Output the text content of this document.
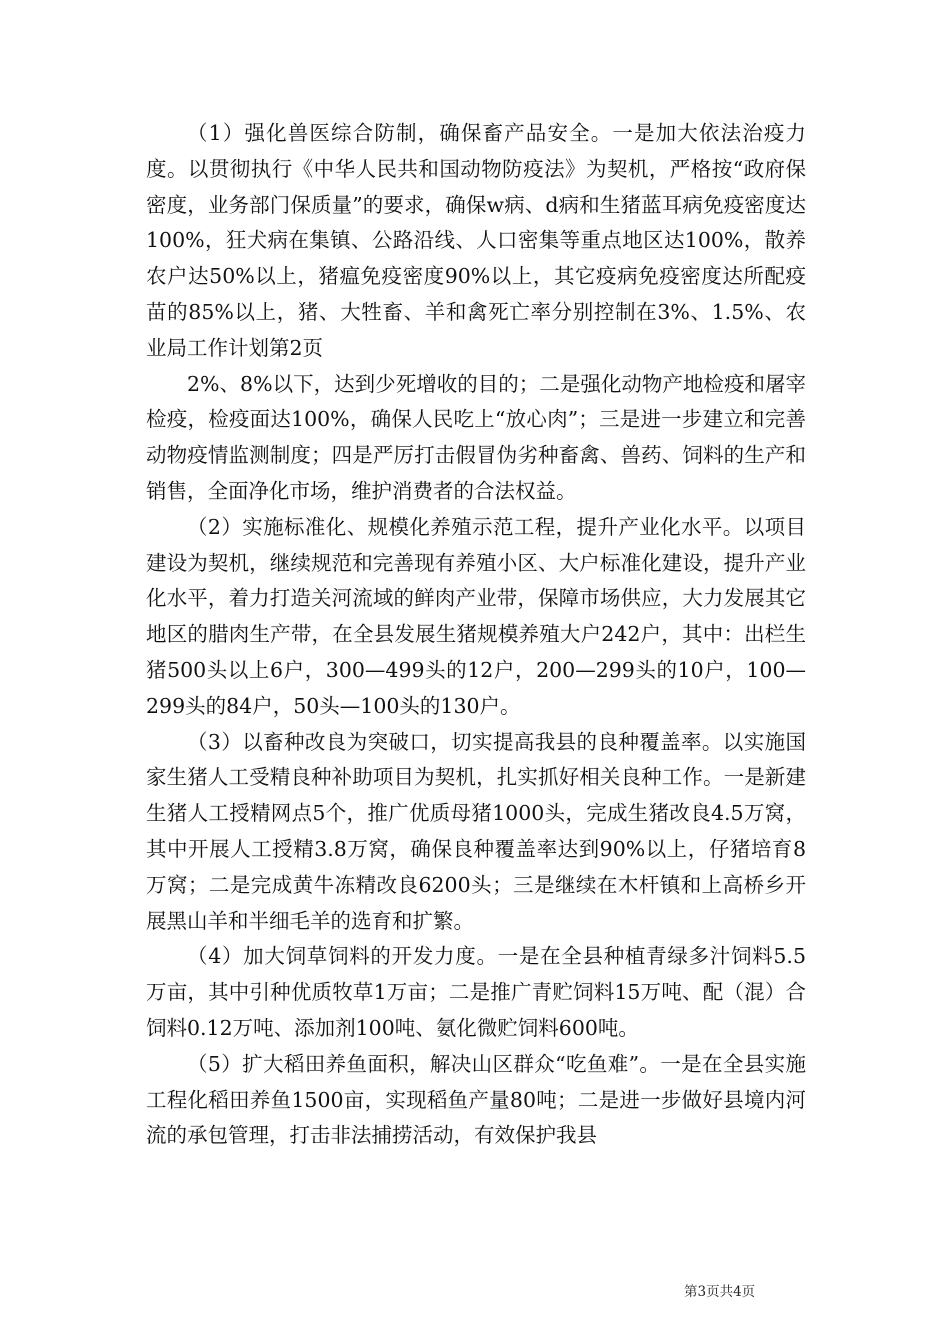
（1）强化兽医综合防制，确保畜产品安全。一是加大依法治疫力度。以贯彻执行《中华人民共和国动物防疫法》为契机，严格按“政府保密度，业务部门保质量”的要求，确保w病、d病和生猪蓝耳病免疫密度达100%，狂犬病在集镇、公路沿线、人口密集等重点地区达100%，散养农户达50%以上，猪瘟免疫密度90%以上，其它疫病免疫密度达所配疫苗的85%以上，猪、大牲畜、羊和禽死亡率分别控制在3%、1.5%、农业局工作计划第2页

2%、8%以下，达到少死增收的目的；二是强化动物产地检疫和屠宰检疫，检疫面达100%，确保人民吃上“放心肉”；三是进一步建立和完善动物疫情监测制度；四是严厉打击假冒伪劣种畜禽、兽药、饲料的生产和销售，全面净化市场，维护消费者的合法权益。

（2）实施标准化、规模化养殖示范工程，提升产业化水平。以项目建设为契机，继续规范和完善现有养殖小区、大户标准化建设，提升产业化水平，着力打造关河流域的鲜肉产业带，保障市场供应，大力发展其它地区的腊肉生产带，在全县发展生猪规模养殖大户242户，其中：出栏生猪500头以上6户，300—499头的12户，200—299头的10户，100—299头的84户，50头—100头的130户。

（3）以畜种改良为突破口，切实提高我县的良种覆盖率。以实施国家生猪人工受精良种补助项目为契机，扎实抓好相关良种工作。一是新建生猪人工授精网点5个，推广优质母猪1000头，完成生猪改良4.5万窝，其中开展人工授精3.8万窝，确保良种覆盖率达到90%以上，仔猪培育8万窝；二是完成黄牛冻精改良6200头；三是继续在木杆镇和上高桥乡开展黑山羊和半细毛羊的选育和扩繁。

（4）加大饲草饲料的开发力度。一是在全县种植青绿多汁饲料5.5万亩，其中引种优质牧草1万亩；二是推广青贮饲料15万吨、配（混）合饲料0.12万吨、添加剂100吨、氨化微贮饲料600吨。

（5）扩大稻田养鱼面积，解决山区群众“吃鱼难”。一是在全县实施工程化稻田养鱼1500亩，实现稻鱼产量80吨；二是进一步做好县境内河流的承包管理，打击非法捕捞活动，有效保护我县

第3页共4页
